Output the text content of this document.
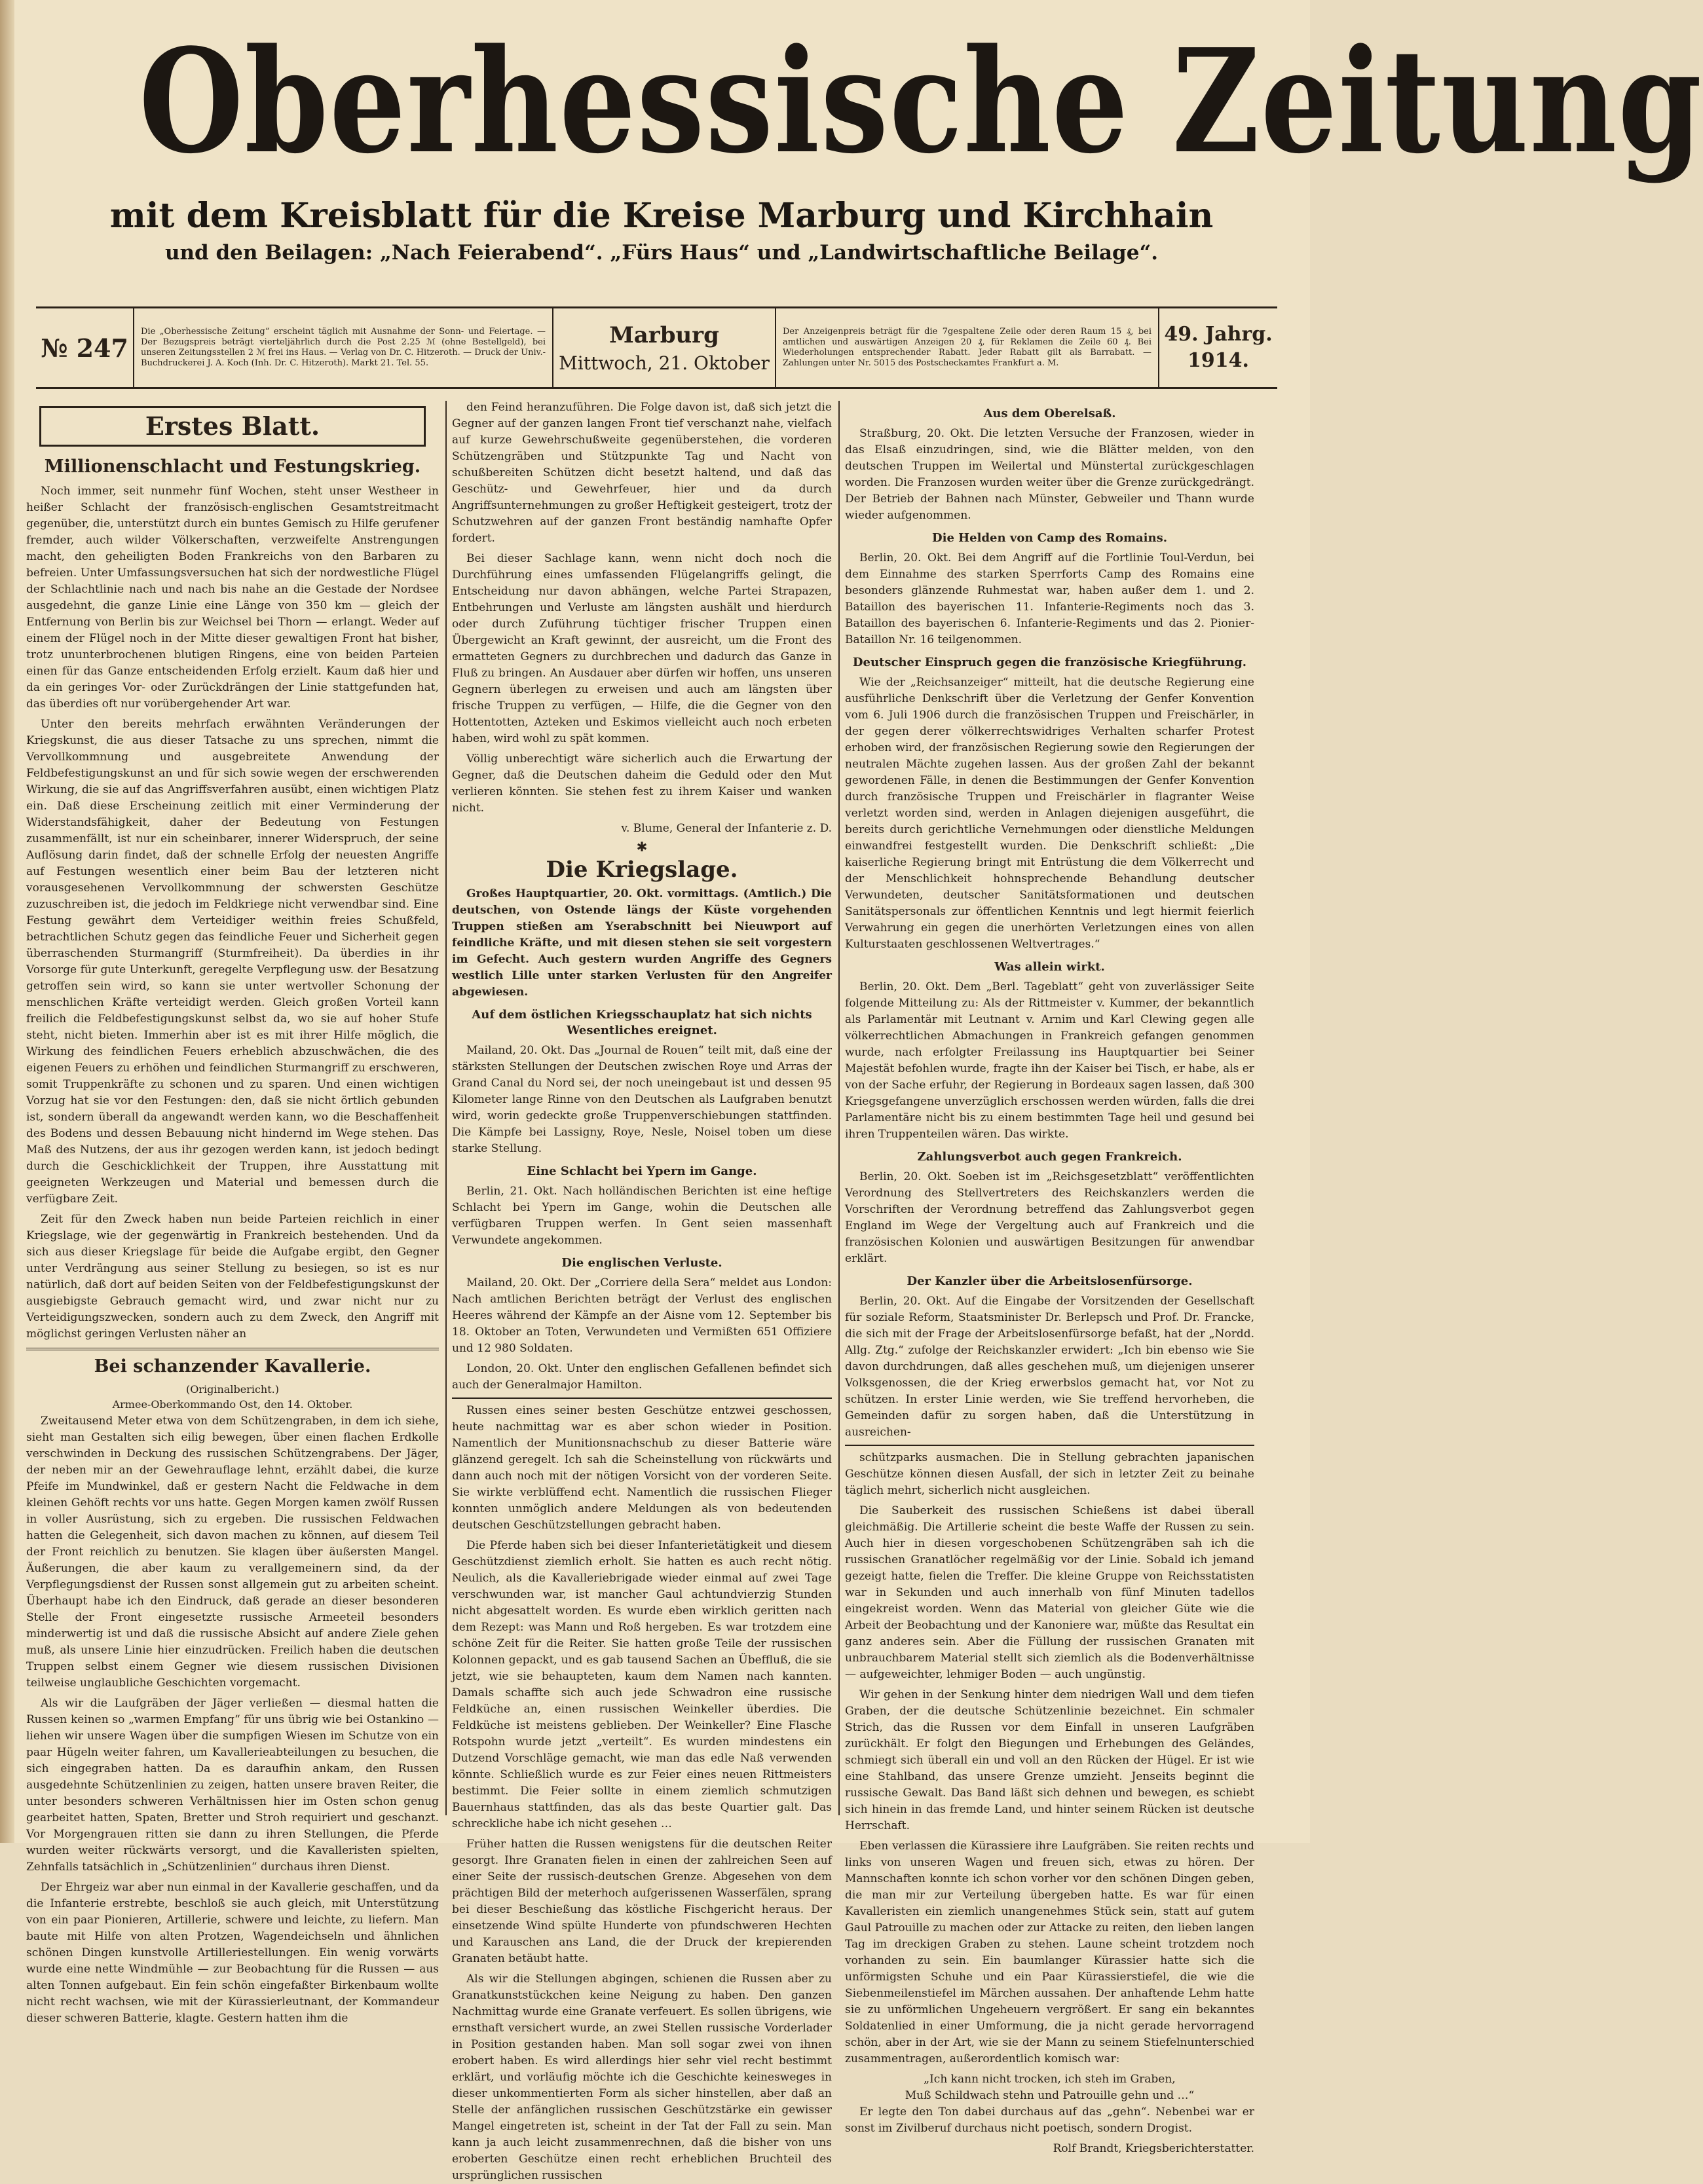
Oberhessische Zeitung
mit dem Kreisblatt für die Kreise Marburg und Kirchhain
und den Beilagen: „Nach Feierabend“. „Fürs Haus“ und „Landwirtschaftliche Beilage“.
№ 247
Die „Oberhessische Zeitung“ erscheint täglich mit Ausnahme der Sonn- und Feiertage. — Der Bezugspreis beträgt vierteljährlich durch die Post 2.25 ℳ (ohne Bestellgeld), bei unseren Zeitungsstellen 2 ℳ frei ins Haus. — Verlag von Dr. C. Hitzeroth. — Druck der Univ.-Buchdruckerei J. A. Koch (Inh. Dr. C. Hitzeroth). Markt 21. Tel. 55.
Marburg
Mittwoch, 21. Oktober
Der Anzeigenpreis beträgt für die 7gespaltene Zeile oder deren Raum 15 ₰, bei amtlichen und auswärtigen Anzeigen 20 ₰, für Reklamen die Zeile 60 ₰. Bei Wiederholungen entsprechender Rabatt. Jeder Rabatt gilt als Barrabatt. — Zahlungen unter Nr. 5015 des Postscheckamtes Frankfurt a. M.
49. Jahrg.
1914.
Erstes Blatt.
Millionenschlacht und Festungskrieg.

Noch immer, seit nunmehr fünf Wochen, steht unser Westheer in heißer Schlacht der französisch-englischen Gesamtstreitmacht gegenüber, die, unterstützt durch ein buntes Gemisch zu Hilfe gerufener fremder, auch wilder Völkerschaften, verzweifelte Anstrengungen macht, den geheiligten Boden Frankreichs von den Barbaren zu befreien. Unter Umfassungsversuchen hat sich der nordwestliche Flügel der Schlachtlinie nach und nach bis nahe an die Gestade der Nordsee ausgedehnt, die ganze Linie eine Länge von 350 km — gleich der Entfernung von Berlin bis zur Weichsel bei Thorn — erlangt. Weder auf einem der Flügel noch in der Mitte dieser gewaltigen Front hat bisher, trotz ununterbrochenen blutigen Ringens, eine von beiden Parteien einen für das Ganze entscheidenden Erfolg erzielt. Kaum daß hier und da ein geringes Vor- oder Zurückdrängen der Linie stattgefunden hat, das überdies oft nur vorübergehender Art war.

Unter den bereits mehrfach erwähnten Veränderungen der Kriegskunst, die aus dieser Tatsache zu uns sprechen, nimmt die Vervollkommnung und ausgebreitete Anwendung der Feldbefestigungskunst an und für sich sowie wegen der erschwerenden Wirkung, die sie auf das Angriffsverfahren ausübt, einen wichtigen Platz ein. Daß diese Erscheinung zeitlich mit einer Verminderung der Widerstandsfähigkeit, daher der Bedeutung von Festungen zusammenfällt, ist nur ein scheinbarer, innerer Widerspruch, der seine Auflösung darin findet, daß der schnelle Erfolg der neuesten Angriffe auf Festungen wesentlich einer beim Bau der letzteren nicht vorausgesehenen Vervollkommnung der schwersten Geschütze zuzuschreiben ist, die jedoch im Feldkriege nicht verwendbar sind. Eine Festung gewährt dem Verteidiger weithin freies Schußfeld, betrachtlichen Schutz gegen das feindliche Feuer und Sicherheit gegen überraschenden Sturmangriff (Sturmfreiheit). Da überdies in ihr Vorsorge für gute Unterkunft, geregelte Verpflegung usw. der Besatzung getroffen sein wird, so kann sie unter wertvoller Schonung der menschlichen Kräfte verteidigt werden. Gleich großen Vorteil kann freilich die Feldbefestigungskunst selbst da, wo sie auf hoher Stufe steht, nicht bieten. Immerhin aber ist es mit ihrer Hilfe möglich, die Wirkung des feindlichen Feuers erheblich abzuschwächen, die des eigenen Feuers zu erhöhen und feindlichen Sturmangriff zu erschweren, somit Truppenkräfte zu schonen und zu sparen. Und einen wichtigen Vorzug hat sie vor den Festungen: den, daß sie nicht örtlich gebunden ist, sondern überall da angewandt werden kann, wo die Beschaffenheit des Bodens und dessen Bebauung nicht hindernd im Wege stehen. Das Maß des Nutzens, der aus ihr gezogen werden kann, ist jedoch bedingt durch die Geschicklichkeit der Truppen, ihre Ausstattung mit geeigneten Werkzeugen und Material und bemessen durch die verfügbare Zeit.

Zeit für den Zweck haben nun beide Parteien reichlich in einer Kriegslage, wie der gegenwärtig in Frankreich bestehenden. Und da sich aus dieser Kriegslage für beide die Aufgabe ergibt, den Gegner unter Verdrängung aus seiner Stellung zu besiegen, so ist es nur natürlich, daß dort auf beiden Seiten von der Feldbefestigungskunst der ausgiebigste Gebrauch gemacht wird, und zwar nicht nur zu Verteidigungszwecken, sondern auch zu dem Zweck, den Angriff mit möglichst geringen Verlusten näher an

Bei schanzender Kavallerie.
(Originalbericht.)
Armee-Oberkommando Ost, den 14. Oktober.

Zweitausend Meter etwa von dem Schützengraben, in dem ich siehe, sieht man Gestalten sich eilig bewegen, über einen flachen Erdkolle verschwinden in Deckung des russischen Schützengrabens. Der Jäger, der neben mir an der Gewehrauflage lehnt, erzählt dabei, die kurze Pfeife im Mundwinkel, daß er gestern Nacht die Feldwache in dem kleinen Gehöft rechts vor uns hatte. Gegen Morgen kamen zwölf Russen in voller Ausrüstung, sich zu ergeben. Die russischen Feldwachen hatten die Gelegenheit, sich davon machen zu können, auf diesem Teil der Front reichlich zu benutzen. Sie klagen über äußersten Mangel. Äußerungen, die aber kaum zu verallgemeinern sind, da der Verpflegungsdienst der Russen sonst allgemein gut zu arbeiten scheint. Überhaupt habe ich den Eindruck, daß gerade an dieser besonderen Stelle der Front eingesetzte russische Armeeteil besonders minderwertig ist und daß die russische Absicht auf andere Ziele gehen muß, als unsere Linie hier einzudrücken. Freilich haben die deutschen Truppen selbst einem Gegner wie diesem russischen Divisionen teilweise unglaubliche Geschichten vorgemacht.

Als wir die Laufgräben der Jäger verließen — diesmal hatten die Russen keinen so „warmen Empfang“ für uns übrig wie bei Ostankino — liehen wir unsere Wagen über die sumpfigen Wiesen im Schutze von ein paar Hügeln weiter fahren, um Kavallerieabteilungen zu besuchen, die sich eingegraben hatten. Da es daraufhin ankam, den Russen ausgedehnte Schützenlinien zu zeigen, hatten unsere braven Reiter, die unter besonders schweren Verhältnissen hier im Osten schon genug gearbeitet hatten, Spaten, Bretter und Stroh requiriert und geschanzt. Vor Morgengrauen ritten sie dann zu ihren Stellungen, die Pferde wurden weiter rückwärts versorgt, und die Kavalleristen spielten, Zehnfalls tatsächlich in „Schützenlinien“ durchaus ihren Dienst.

Der Ehrgeiz war aber nun einmal in der Kavallerie geschaffen, und da die Infanterie erstrebte, beschloß sie auch gleich, mit Unterstützung von ein paar Pionieren, Artillerie, schwere und leichte, zu liefern. Man baute mit Hilfe von alten Protzen, Wagendeichseln und ähnlichen schönen Dingen kunstvolle Artilleriestellungen. Ein wenig vorwärts wurde eine nette Windmühle — zur Beobachtung für die Russen — aus alten Tonnen aufgebaut. Ein fein schön eingefaßter Birkenbaum wollte nicht recht wachsen, wie mit der Kürassierleutnant, der Kommandeur dieser schweren Batterie, klagte. Gestern hatten ihm die

den Feind heranzuführen. Die Folge davon ist, daß sich jetzt die Gegner auf der ganzen langen Front tief verschanzt nahe, vielfach auf kurze Gewehrschußweite gegenüberstehen, die vorderen Schützengräben und Stützpunkte Tag und Nacht von schußbereiten Schützen dicht besetzt haltend, und daß das Geschütz- und Gewehrfeuer, hier und da durch Angriffsunternehmungen zu großer Heftigkeit gesteigert, trotz der Schutzwehren auf der ganzen Front beständig namhafte Opfer fordert.

Bei dieser Sachlage kann, wenn nicht doch noch die Durchführung eines umfassenden Flügelangriffs gelingt, die Entscheidung nur davon abhängen, welche Partei Strapazen, Entbehrungen und Verluste am längsten aushält und hierdurch oder durch Zuführung tüchtiger frischer Truppen einen Übergewicht an Kraft gewinnt, der ausreicht, um die Front des ermatteten Gegners zu durchbrechen und dadurch das Ganze in Fluß zu bringen. An Ausdauer aber dürfen wir hoffen, uns unseren Gegnern überlegen zu erweisen und auch am längsten über frische Truppen zu verfügen, — Hilfe, die die Gegner von den Hottentotten, Azteken und Eskimos vielleicht auch noch erbeten haben, wird wohl zu spät kommen.

Völlig unberechtigt wäre sicherlich auch die Erwartung der Gegner, daß die Deutschen daheim die Geduld oder den Mut verlieren könnten. Sie stehen fest zu ihrem Kaiser und wanken nicht.

v. Blume, General der Infanterie z. D.
✱
Die Kriegslage.

Großes Hauptquartier, 20. Okt. vormittags. (Amtlich.) Die deutschen, von Ostende längs der Küste vorgehenden Truppen stießen am Yserabschnitt bei Nieuwport auf feindliche Kräfte, und mit diesen stehen sie seit vorgestern im Gefecht. Auch gestern wurden Angriffe des Gegners westlich Lille unter starken Verlusten für den Angreifer abgewiesen.

Auf dem östlichen Kriegsschauplatz hat sich nichts Wesentliches ereignet.

Mailand, 20. Okt. Das „Journal de Rouen“ teilt mit, daß eine der stärksten Stellungen der Deutschen zwischen Roye und Arras der Grand Canal du Nord sei, der noch uneingebaut ist und dessen 95 Kilometer lange Rinne von den Deutschen als Laufgraben benutzt wird, worin gedeckte große Truppenverschiebungen stattfinden. Die Kämpfe bei Lassigny, Roye, Nesle, Noisel toben um diese starke Stellung.

Eine Schlacht bei Ypern im Gange.

Berlin, 21. Okt. Nach holländischen Berichten ist eine heftige Schlacht bei Ypern im Gange, wohin die Deutschen alle verfügbaren Truppen werfen. In Gent seien massenhaft Verwundete angekommen.

Die englischen Verluste.

Mailand, 20. Okt. Der „Corriere della Sera“ meldet aus London: Nach amtlichen Berichten beträgt der Verlust des englischen Heeres während der Kämpfe an der Aisne vom 12. September bis 18. Oktober an Toten, Verwundeten und Vermißten 651 Offiziere und 12 980 Soldaten.

London, 20. Okt. Unter den englischen Gefallenen befindet sich auch der Generalmajor Hamilton.

Russen eines seiner besten Geschütze entzwei geschossen, heute nachmittag war es aber schon wieder in Position. Namentlich der Munitionsnachschub zu dieser Batterie wäre glänzend geregelt. Ich sah die Scheinstellung von rückwärts und dann auch noch mit der nötigen Vorsicht von der vorderen Seite. Sie wirkte verblüffend echt. Namentlich die russischen Flieger konnten unmöglich andere Meldungen als von bedeutenden deutschen Geschützstellungen gebracht haben.

Die Pferde haben sich bei dieser Infanterietätigkeit und diesem Geschützdienst ziemlich erholt. Sie hatten es auch recht nötig. Neulich, als die Kavalleriebrigade wieder einmal auf zwei Tage verschwunden war, ist mancher Gaul achtundvierzig Stunden nicht abgesattelt worden. Es wurde eben wirklich geritten nach dem Rezept: was Mann und Roß hergeben. Es war trotzdem eine schöne Zeit für die Reiter. Sie hatten große Teile der russischen Kolonnen gepackt, und es gab tausend Sachen an Übeffluß, die sie jetzt, wie sie behaupteten, kaum dem Namen nach kannten. Damals schaffte sich auch jede Schwadron eine russische Feldküche an, einen russischen Weinkeller überdies. Die Feldküche ist meistens geblieben. Der Weinkeller? Eine Flasche Rotspohn wurde jetzt „verteilt“. Es wurden mindestens ein Dutzend Vorschläge gemacht, wie man das edle Naß verwenden könnte. Schließlich wurde es zur Feier eines neuen Rittmeisters bestimmt. Die Feier sollte in einem ziemlich schmutzigen Bauernhaus stattfinden, das als das beste Quartier galt. Das schreckliche habe ich nicht gesehen …

Früher hatten die Russen wenigstens für die deutschen Reiter gesorgt. Ihre Granaten fielen in einen der zahlreichen Seen auf einer Seite der russisch-deutschen Grenze. Abgesehen von dem prächtigen Bild der meterhoch aufgerissenen Wasserfälen, sprang bei dieser Beschießung das köstliche Fischgericht heraus. Der einsetzende Wind spülte Hunderte von pfundschweren Hechten und Karauschen ans Land, die der Druck der krepierenden Granaten betäubt hatte.

Als wir die Stellungen abgingen, schienen die Russen aber zu Granatkunststückchen keine Neigung zu haben. Den ganzen Nachmittag wurde eine Granate verfeuert. Es sollen übrigens, wie ernsthaft versichert wurde, an zwei Stellen russische Vorderlader in Position gestanden haben. Man soll sogar zwei von ihnen erobert haben. Es wird allerdings hier sehr viel recht bestimmt erklärt, und vorläufig möchte ich die Geschichte keinesweges in dieser unkommentierten Form als sicher hinstellen, aber daß an Stelle der anfänglichen russischen Geschützstärke ein gewisser Mangel eingetreten ist, scheint in der Tat der Fall zu sein. Man kann ja auch leicht zusammenrechnen, daß die bisher von uns eroberten Geschütze einen recht erheblichen Bruchteil des ursprünglichen russischen

Aus dem Oberelsaß.

Straßburg, 20. Okt. Die letzten Versuche der Franzosen, wieder in das Elsaß einzudringen, sind, wie die Blätter melden, von den deutschen Truppen im Weilertal und Münstertal zurückgeschlagen worden. Die Franzosen wurden weiter über die Grenze zurückgedrängt. Der Betrieb der Bahnen nach Münster, Gebweiler und Thann wurde wieder aufgenommen.

Die Helden von Camp des Romains.

Berlin, 20. Okt. Bei dem Angriff auf die Fortlinie Toul-Verdun, bei dem Einnahme des starken Sperrforts Camp des Romains eine besonders glänzende Ruhmestat war, haben außer dem 1. und 2. Bataillon des bayerischen 11. Infanterie-Regiments noch das 3. Bataillon des bayerischen 6. Infanterie-Regiments und das 2. Pionier-Bataillon Nr. 16 teilgenommen.

Deutscher Einspruch gegen die französische Kriegführung.

Wie der „Reichsanzeiger“ mitteilt, hat die deutsche Regierung eine ausführliche Denkschrift über die Verletzung der Genfer Konvention vom 6. Juli 1906 durch die französischen Truppen und Freischärler, in der gegen derer völkerrechtswidriges Verhalten scharfer Protest erhoben wird, der französischen Regierung sowie den Regierungen der neutralen Mächte zugehen lassen. Aus der großen Zahl der bekannt gewordenen Fälle, in denen die Bestimmungen der Genfer Konvention durch französische Truppen und Freischärler in flagranter Weise verletzt worden sind, werden in Anlagen diejenigen ausgeführt, die bereits durch gerichtliche Vernehmungen oder dienstliche Meldungen einwandfrei festgestellt wurden. Die Denkschrift schließt: „Die kaiserliche Regierung bringt mit Entrüstung die dem Völkerrecht und der Menschlichkeit hohnsprechende Behandlung deutscher Verwundeten, deutscher Sanitätsformationen und deutschen Sanitätspersonals zur öffentlichen Kenntnis und legt hiermit feierlich Verwahrung ein gegen die unerhörten Verletzungen eines von allen Kulturstaaten geschlossenen Weltvertrages.“

Was allein wirkt.

Berlin, 20. Okt. Dem „Berl. Tageblatt“ geht von zuverlässiger Seite folgende Mitteilung zu: Als der Rittmeister v. Kummer, der bekanntlich als Parlamentär mit Leutnant v. Arnim und Karl Clewing gegen alle völkerrechtlichen Abmachungen in Frankreich gefangen genommen wurde, nach erfolgter Freilassung ins Hauptquartier bei Seiner Majestät befohlen wurde, fragte ihn der Kaiser bei Tisch, er habe, als er von der Sache erfuhr, der Regierung in Bordeaux sagen lassen, daß 300 Kriegsgefangene unverzüglich erschossen werden würden, falls die drei Parlamentäre nicht bis zu einem bestimmten Tage heil und gesund bei ihren Truppenteilen wären. Das wirkte.

Zahlungsverbot auch gegen Frankreich.

Berlin, 20. Okt. Soeben ist im „Reichsgesetzblatt“ veröffentlichten Verordnung des Stellvertreters des Reichskanzlers werden die Vorschriften der Verordnung betreffend das Zahlungsverbot gegen England im Wege der Vergeltung auch auf Frankreich und die französischen Kolonien und auswärtigen Besitzungen für anwendbar erklärt.

Der Kanzler über die Arbeitslosenfürsorge.

Berlin, 20. Okt. Auf die Eingabe der Vorsitzenden der Gesellschaft für soziale Reform, Staatsminister Dr. Berlepsch und Prof. Dr. Francke, die sich mit der Frage der Arbeitslosenfürsorge befaßt, hat der „Nordd. Allg. Ztg.“ zufolge der Reichskanzler erwidert: „Ich bin ebenso wie Sie davon durchdrungen, daß alles geschehen muß, um diejenigen unserer Volksgenossen, die der Krieg erwerbslos gemacht hat, vor Not zu schützen. In erster Linie werden, wie Sie treffend hervorheben, die Gemeinden dafür zu sorgen haben, daß die Unterstützung in ausreichen-

schützparks ausmachen. Die in Stellung gebrachten japanischen Geschütze können diesen Ausfall, der sich in letzter Zeit zu beinahe täglich mehrt, sicherlich nicht ausgleichen.

Die Sauberkeit des russischen Schießens ist dabei überall gleichmäßig. Die Artillerie scheint die beste Waffe der Russen zu sein. Auch hier in diesen vorgeschobenen Schützengräben sah ich die russischen Granatlöcher regelmäßig vor der Linie. Sobald ich jemand gezeigt hatte, fielen die Treffer. Die kleine Gruppe von Reichsstatisten war in Sekunden und auch innerhalb von fünf Minuten tadellos eingekreist worden. Wenn das Material von gleicher Güte wie die Arbeit der Beobachtung und der Kanoniere war, müßte das Resultat ein ganz anderes sein. Aber die Füllung der russischen Granaten mit unbrauchbarem Material stellt sich ziemlich als die Bodenverhältnisse — aufgeweichter, lehmiger Boden — auch ungünstig.

Wir gehen in der Senkung hinter dem niedrigen Wall und dem tiefen Graben, der die deutsche Schützenlinie bezeichnet. Ein schmaler Strich, das die Russen vor dem Einfall in unseren Laufgräben zurückhält. Er folgt den Biegungen und Erhebungen des Geländes, schmiegt sich überall ein und voll an den Rücken der Hügel. Er ist wie eine Stahlband, das unsere Grenze umzieht. Jenseits beginnt die russische Gewalt. Das Band läßt sich dehnen und bewegen, es schiebt sich hinein in das fremde Land, und hinter seinem Rücken ist deutsche Herrschaft.

Eben verlassen die Kürassiere ihre Laufgräben. Sie reiten rechts und links von unseren Wagen und freuen sich, etwas zu hören. Der Mannschaften konnte ich schon vorher vor den schönen Dingen geben, die man mir zur Verteilung übergeben hatte. Es war für einen Kavalleristen ein ziemlich unangenehmes Stück sein, statt auf gutem Gaul Patrouille zu machen oder zur Attacke zu reiten, den lieben langen Tag im dreckigen Graben zu stehen. Laune scheint trotzdem noch vorhanden zu sein. Ein baumlanger Kürassier hatte sich die unförmigsten Schuhe und ein Paar Kürassierstiefel, die wie die Siebenmeilenstiefel im Märchen aussahen. Der anhaftende Lehm hatte sie zu unförmlichen Ungeheuern vergrößert. Er sang ein bekanntes Soldatenlied in einer Umformung, die ja nicht gerade hervorragend schön, aber in der Art, wie sie der Mann zu seinem Stiefelnunterschied zusammentragen, außerordentlich komisch war:

„Ich kann nicht trocken, ich steh im Graben,
Muß Schildwach stehn und Patrouille gehn und …“

Er legte den Ton dabei durchaus auf das „gehn“. Nebenbei war er sonst im Zivilberuf durchaus nicht poetisch, sondern Drogist.

Rolf Brandt, Kriegsberichterstatter.
